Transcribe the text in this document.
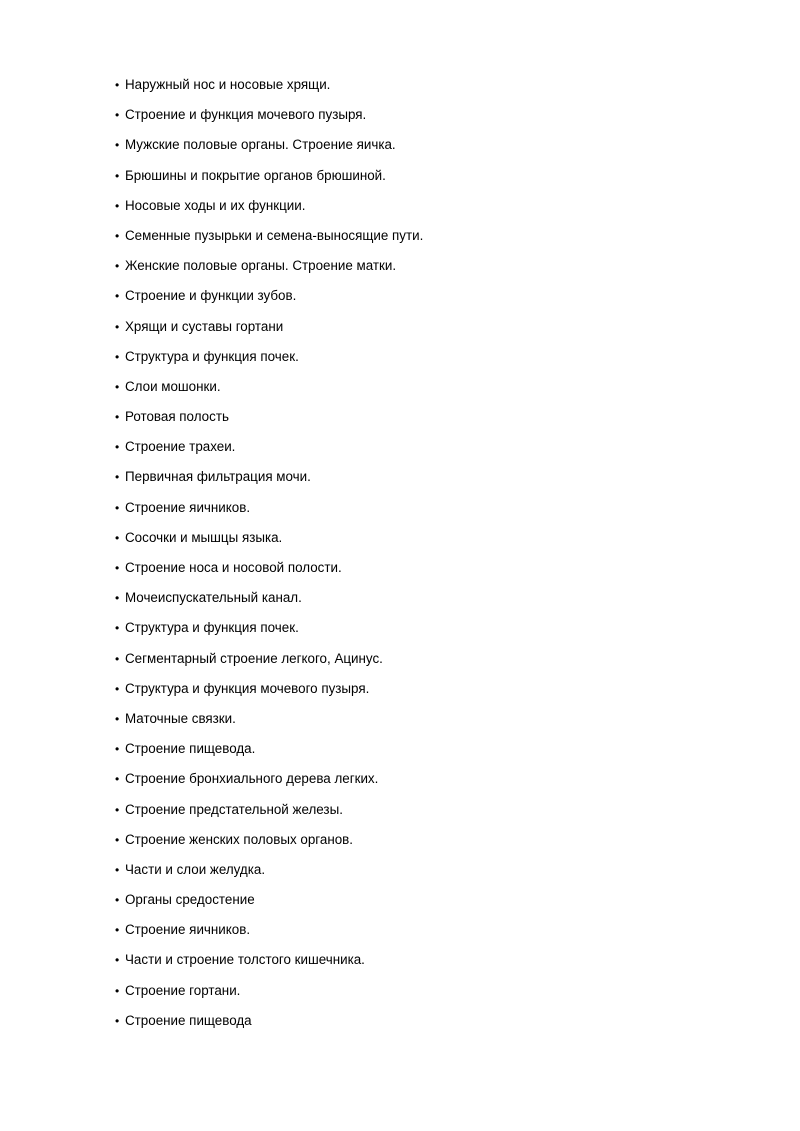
• Наружный нос и носовые хрящи.
• Строение и функция мочевого пузыря.
• Мужские половые органы. Строение яичка.
• Брюшины и покрытие органов брюшиной.
• Носовые ходы и их функции.
• Семенные пузырьки и семена-выносящие пути.
• Женские половые органы. Строение матки.
• Строение и функции зубов.
• Хрящи и суставы гортани
• Структура и функция почек.
• Слои мошонки.
• Ротовая полость
• Строение трахеи.
• Первичная фильтрация мочи.
• Строение яичников.
• Сосочки и мышцы языка.
• Строение носа и носовой полости.
• Мочеиспускательный канал.
• Структура и функция почек.
• Сегментарный строение легкого, Ацинус.
• Структура и функция мочевого пузыря.
• Маточные связки.
• Строение пищевода.
• Строение бронхиального дерева легких.
• Строение предстательной железы.
• Строение женских половых органов.
• Части и слои желудка.
• Органы средостение
• Строение яичников.
• Части и строение толстого кишечника.
• Строение гортани.
• Строение пищевода
